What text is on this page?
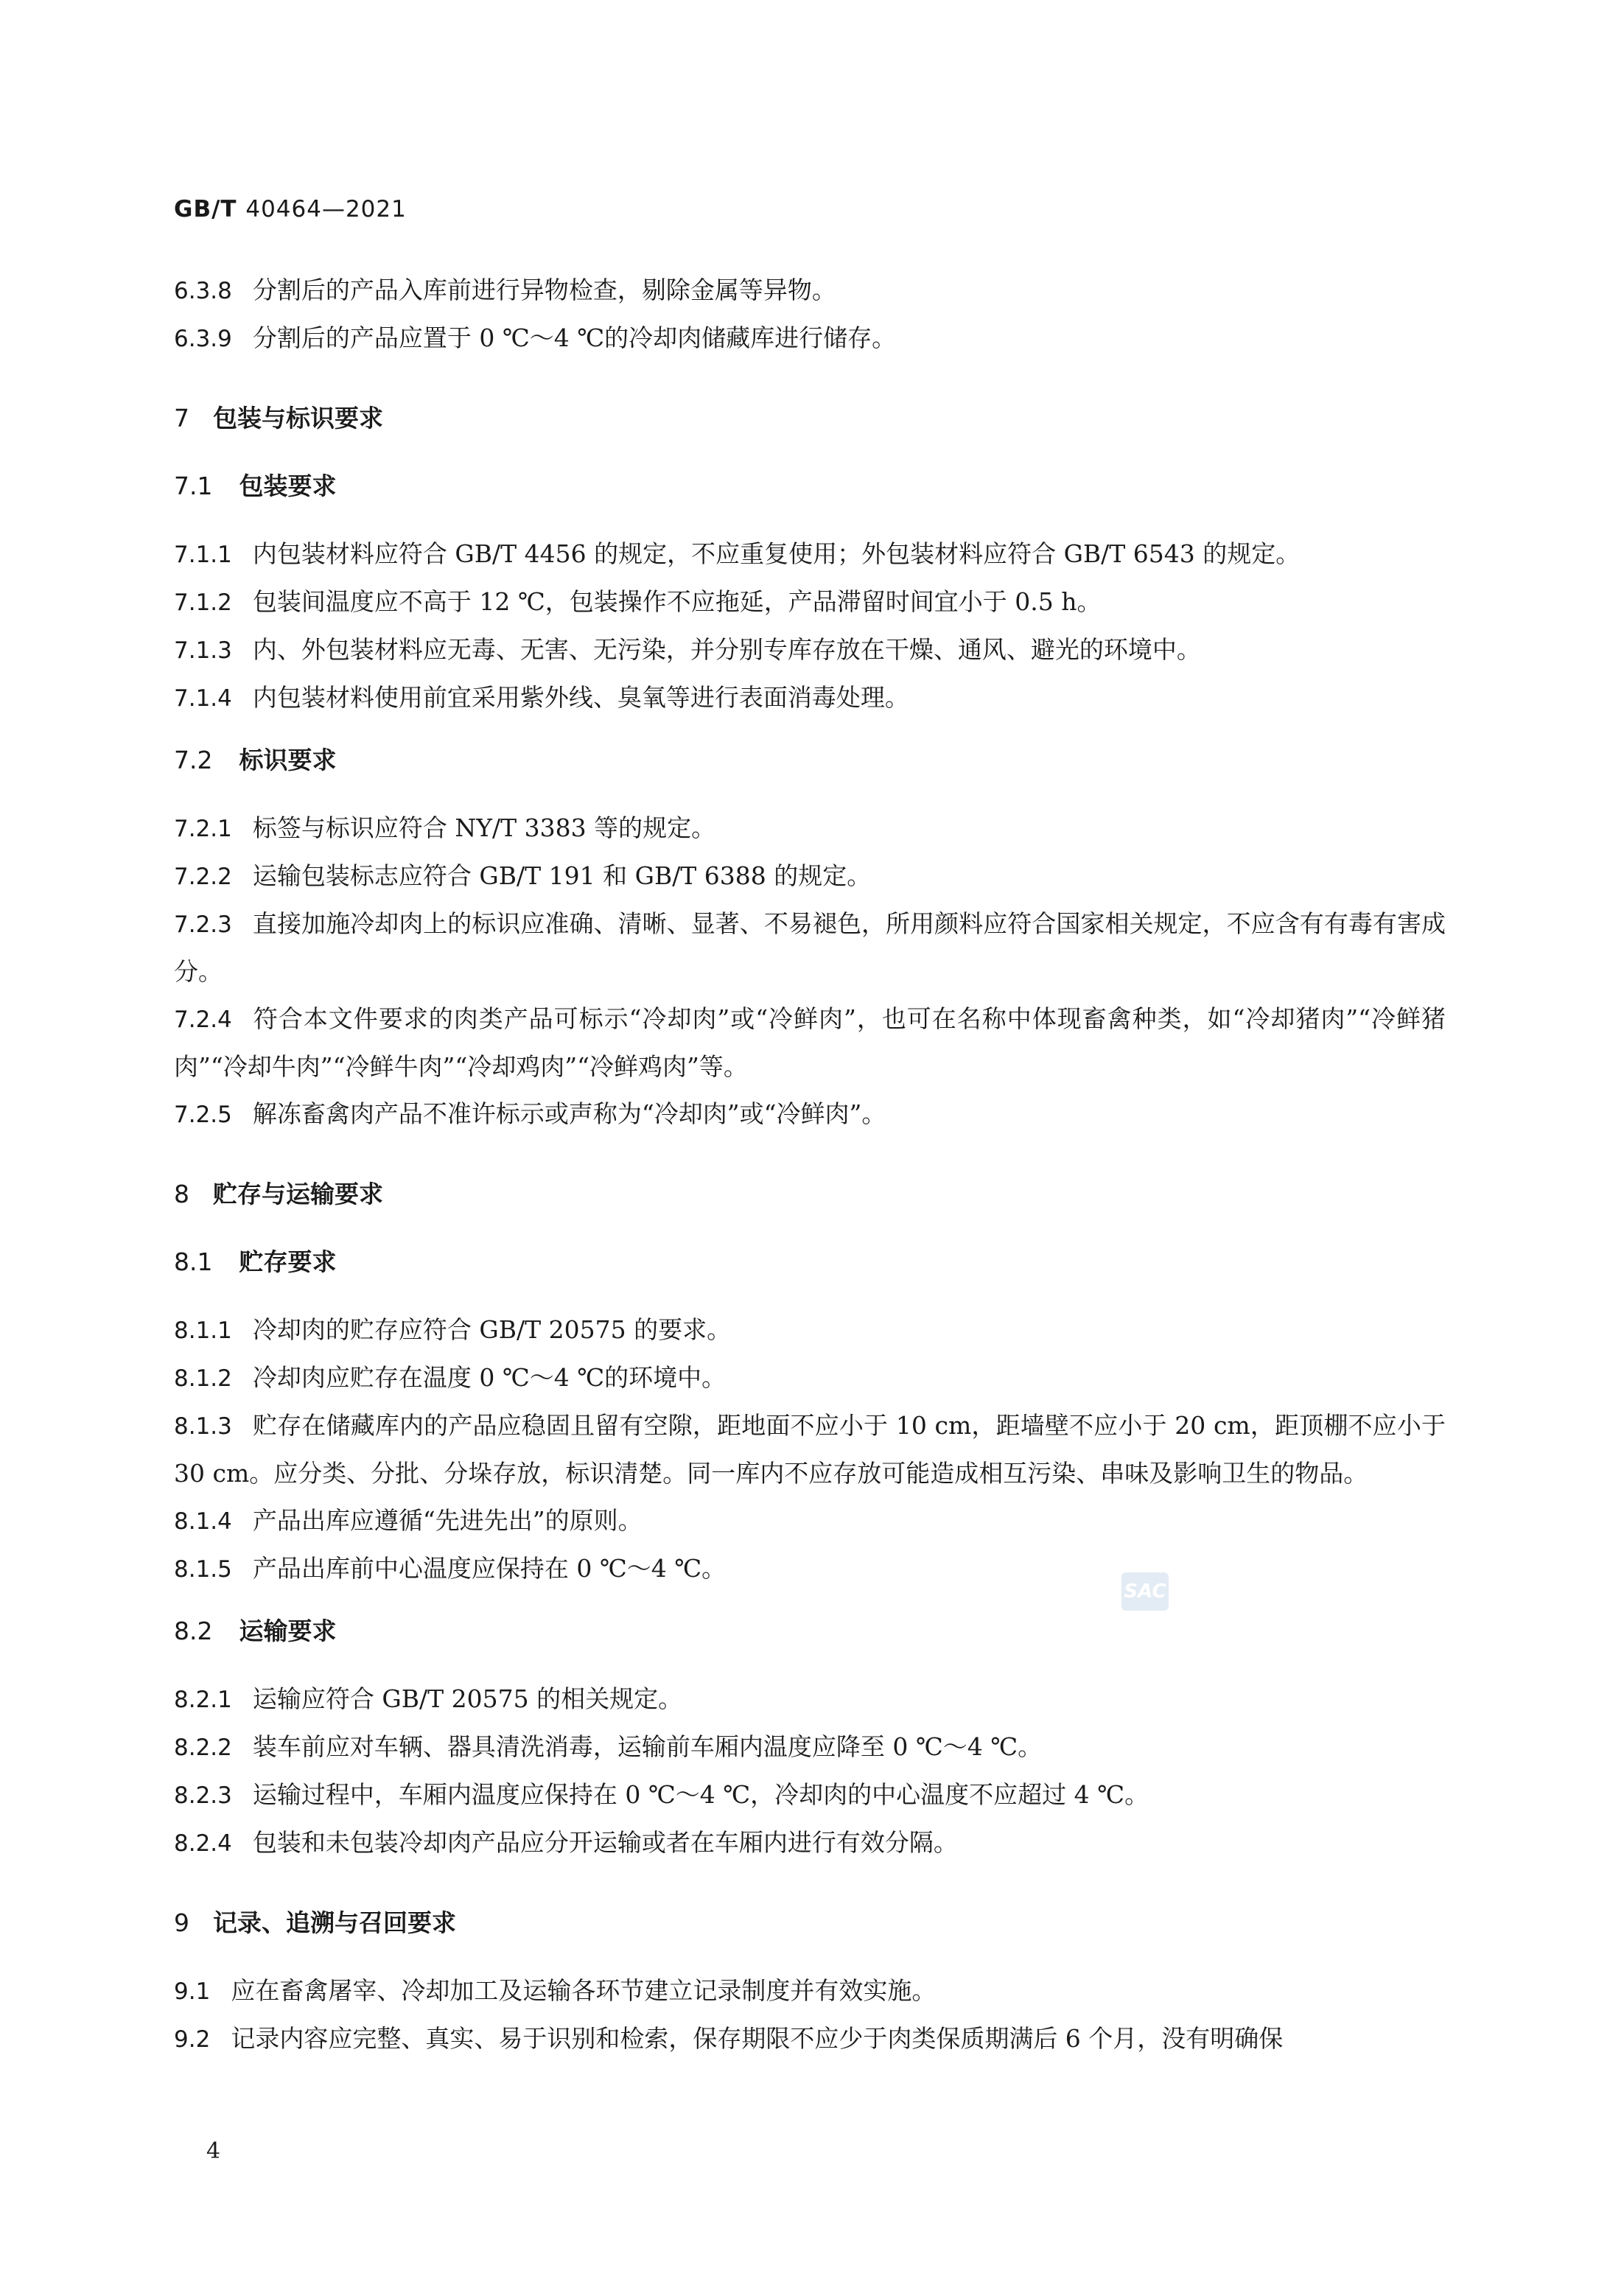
GB/T 40464—2021

6.3.8 分割后的产品入库前进行异物检查，剔除金属等异物。

6.3.9 分割后的产品应置于 0 ℃～4 ℃的冷却肉储藏库进行储存。

7 包装与标识要求

7.1 包装要求

7.1.1 内包装材料应符合 GB/T 4456 的规定，不应重复使用；外包装材料应符合 GB/T 6543 的规定。

7.1.2 包装间温度应不高于 12 ℃，包装操作不应拖延，产品滞留时间宜小于 0.5 h。

7.1.3 内、外包装材料应无毒、无害、无污染，并分别专库存放在干燥、通风、避光的环境中。

7.1.4 内包装材料使用前宜采用紫外线、臭氧等进行表面消毒处理。

7.2 标识要求

7.2.1 标签与标识应符合 NY/T 3383 等的规定。

7.2.2 运输包装标志应符合 GB/T 191 和 GB/T 6388 的规定。

7.2.3 直接加施冷却肉上的标识应准确、清晰、显著、不易褪色，所用颜料应符合国家相关规定，不应含有有毒有害成分。

7.2.4 符合本文件要求的肉类产品可标示“冷却肉”或“冷鲜肉”，也可在名称中体现畜禽种类，如“冷却猪肉”“冷鲜猪肉”“冷却牛肉”“冷鲜牛肉”“冷却鸡肉”“冷鲜鸡肉”等。

7.2.5 解冻畜禽肉产品不准许标示或声称为“冷却肉”或“冷鲜肉”。

8 贮存与运输要求

8.1 贮存要求

8.1.1 冷却肉的贮存应符合 GB/T 20575 的要求。

8.1.2 冷却肉应贮存在温度 0 ℃～4 ℃的环境中。

8.1.3 贮存在储藏库内的产品应稳固且留有空隙，距地面不应小于 10 cm，距墙壁不应小于 20 cm，距顶棚不应小于 30 cm。应分类、分批、分垛存放，标识清楚。同一库内不应存放可能造成相互污染、串味及影响卫生的物品。

8.1.4 产品出库应遵循“先进先出”的原则。

8.1.5 产品出库前中心温度应保持在 0 ℃～4 ℃。

8.2 运输要求

8.2.1 运输应符合 GB/T 20575 的相关规定。

8.2.2 装车前应对车辆、器具清洗消毒，运输前车厢内温度应降至 0 ℃～4 ℃。

8.2.3 运输过程中，车厢内温度应保持在 0 ℃～4 ℃，冷却肉的中心温度不应超过 4 ℃。

8.2.4 包装和未包装冷却肉产品应分开运输或者在车厢内进行有效分隔。

9 记录、追溯与召回要求

9.1 应在畜禽屠宰、冷却加工及运输各环节建立记录制度并有效实施。

9.2 记录内容应完整、真实、易于识别和检索，保存期限不应少于肉类保质期满后 6 个月，没有明确保

SAC

4
